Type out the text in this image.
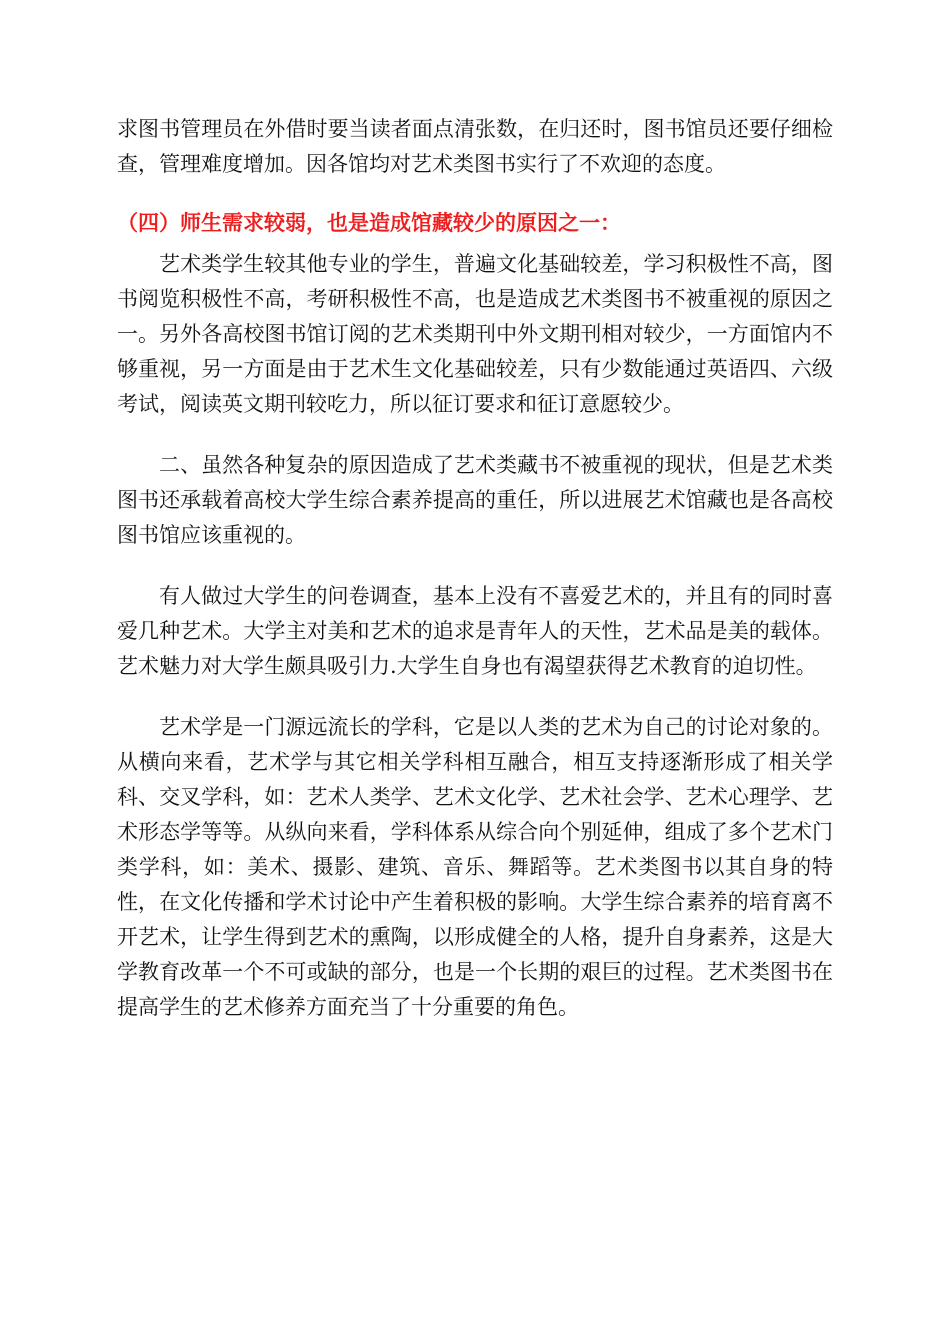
求图书管理员在外借时要当读者面点清张数，在归还时，图书馆员还要仔细检查，管理难度增加。因各馆均对艺术类图书实行了不欢迎的态度。

（四）师生需求较弱，也是造成馆藏较少的原因之一：

艺术类学生较其他专业的学生，普遍文化基础较差，学习积极性不高，图书阅览积极性不高，考研积极性不高，也是造成艺术类图书不被重视的原因之一。另外各高校图书馆订阅的艺术类期刊中外文期刊相对较少，一方面馆内不够重视，另一方面是由于艺术生文化基础较差，只有少数能通过英语四、六级考试，阅读英文期刊较吃力，所以征订要求和征订意愿较少。

二、虽然各种复杂的原因造成了艺术类藏书不被重视的现状，但是艺术类图书还承载着高校大学生综合素养提高的重任，所以进展艺术馆藏也是各高校图书馆应该重视的。

有人做过大学生的问卷调查，基本上没有不喜爱艺术的，并且有的同时喜爱几种艺术。大学主对美和艺术的追求是青年人的天性，艺术品是美的载体。艺术魅力对大学生颇具吸引力.大学生自身也有渴望获得艺术教育的迫切性。

艺术学是一门源远流长的学科，它是以人类的艺术为自己的讨论对象的。从横向来看，艺术学与其它相关学科相互融合，相互支持逐渐形成了相关学科、交叉学科，如：艺术人类学、艺术文化学、艺术社会学、艺术心理学、艺术形态学等等。从纵向来看，学科体系从综合向个别延伸，组成了多个艺术门类学科，如：美术、摄影、建筑、音乐、舞蹈等。艺术类图书以其自身的特性，在文化传播和学术讨论中产生着积极的影响。大学生综合素养的培育离不开艺术，让学生得到艺术的熏陶，以形成健全的人格，提升自身素养，这是大学教育改革一个不可或缺的部分，也是一个长期的艰巨的过程。艺术类图书在提高学生的艺术修养方面充当了十分重要的角色。
